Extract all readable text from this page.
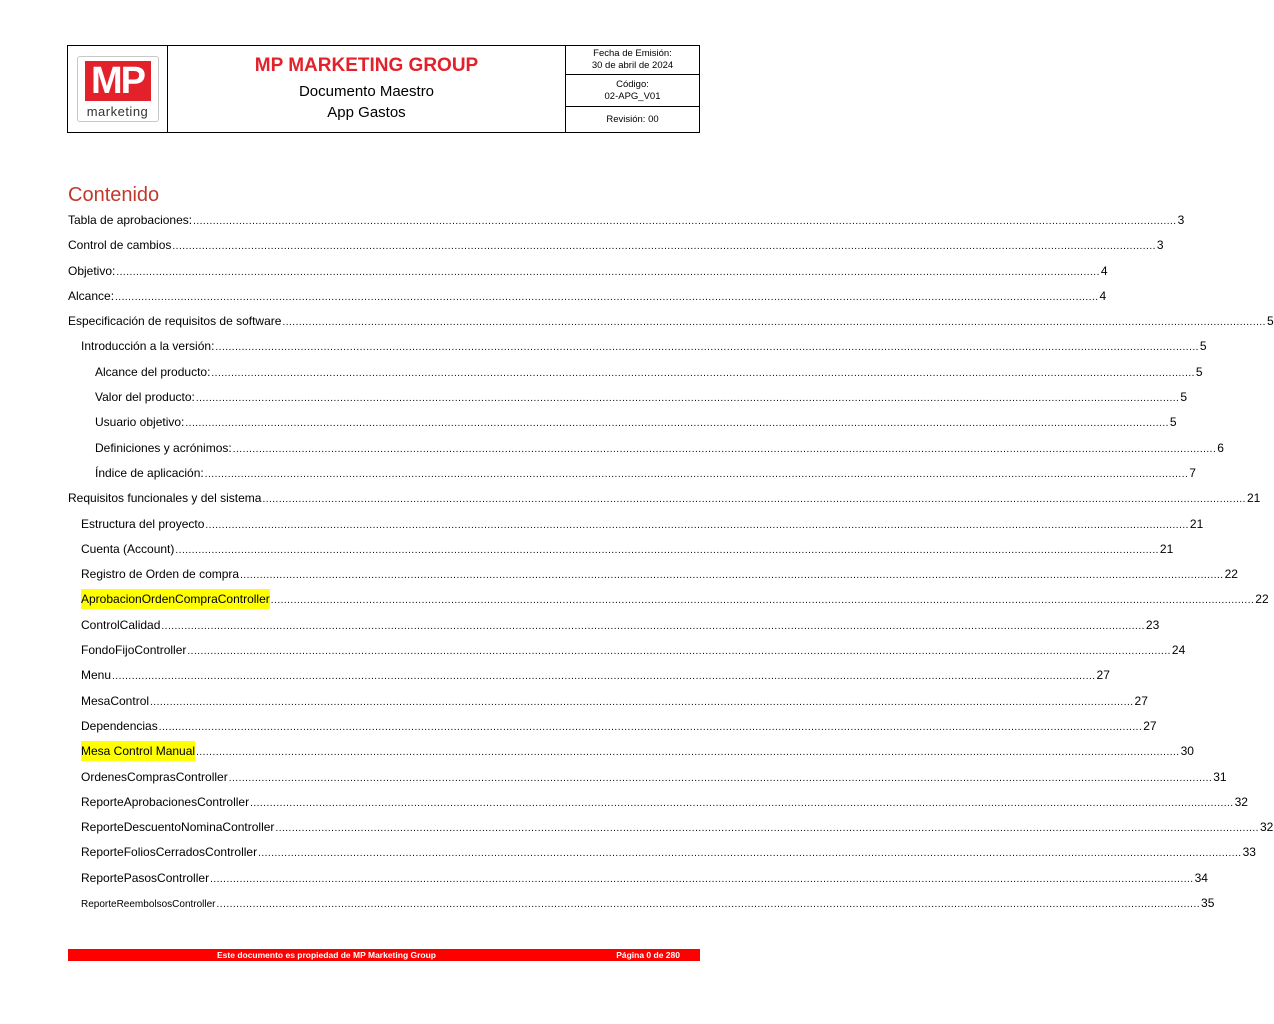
MP
marketing
MP MARKETING GROUP
Documento Maestro
App Gastos
Fecha de Emisión:
30 de abril de 2024
Código:
02-APG_V01
Revisión: 00
Contenido
Tabla de aprobaciones: ............................................................................................................................................................................................................................................................................................................ 3
Control de cambios ............................................................................................................................................................................................................................................................................................................ 3
Objetivo: ............................................................................................................................................................................................................................................................................................................ 4
Alcance: ............................................................................................................................................................................................................................................................................................................ 4
Especificación de requisitos de software ............................................................................................................................................................................................................................................................................................................ 5
Introducción a la versión: ............................................................................................................................................................................................................................................................................................................ 5
Alcance del producto: ............................................................................................................................................................................................................................................................................................................ 5
Valor del producto: ............................................................................................................................................................................................................................................................................................................ 5
Usuario objetivo: ............................................................................................................................................................................................................................................................................................................ 5
Definiciones y acrónimos: ............................................................................................................................................................................................................................................................................................................ 6
Índice de aplicación: ............................................................................................................................................................................................................................................................................................................ 7
Requisitos funcionales y del sistema ............................................................................................................................................................................................................................................................................................................ 21
Estructura del proyecto ............................................................................................................................................................................................................................................................................................................ 21
Cuenta (Account) ............................................................................................................................................................................................................................................................................................................ 21
Registro de Orden de compra ............................................................................................................................................................................................................................................................................................................ 22
AprobacionOrdenCompraController ............................................................................................................................................................................................................................................................................................................ 22
ControlCalidad ............................................................................................................................................................................................................................................................................................................ 23
FondoFijoController ............................................................................................................................................................................................................................................................................................................ 24
Menu ............................................................................................................................................................................................................................................................................................................ 27
MesaControl ............................................................................................................................................................................................................................................................................................................ 27
Dependencias ............................................................................................................................................................................................................................................................................................................ 27
Mesa Control Manual ............................................................................................................................................................................................................................................................................................................ 30
OrdenesComprasController ............................................................................................................................................................................................................................................................................................................ 31
ReporteAprobacionesController ............................................................................................................................................................................................................................................................................................................ 32
ReporteDescuentoNominaController ............................................................................................................................................................................................................................................................................................................ 32
ReporteFoliosCerradosController ............................................................................................................................................................................................................................................................................................................ 33
ReportePasosController ............................................................................................................................................................................................................................................................................................................ 34
ReporteReembolsosController ............................................................................................................................................................................................................................................................................................................ 35
Este documento es propiedad de MP Marketing Group	Página 0 de 280
